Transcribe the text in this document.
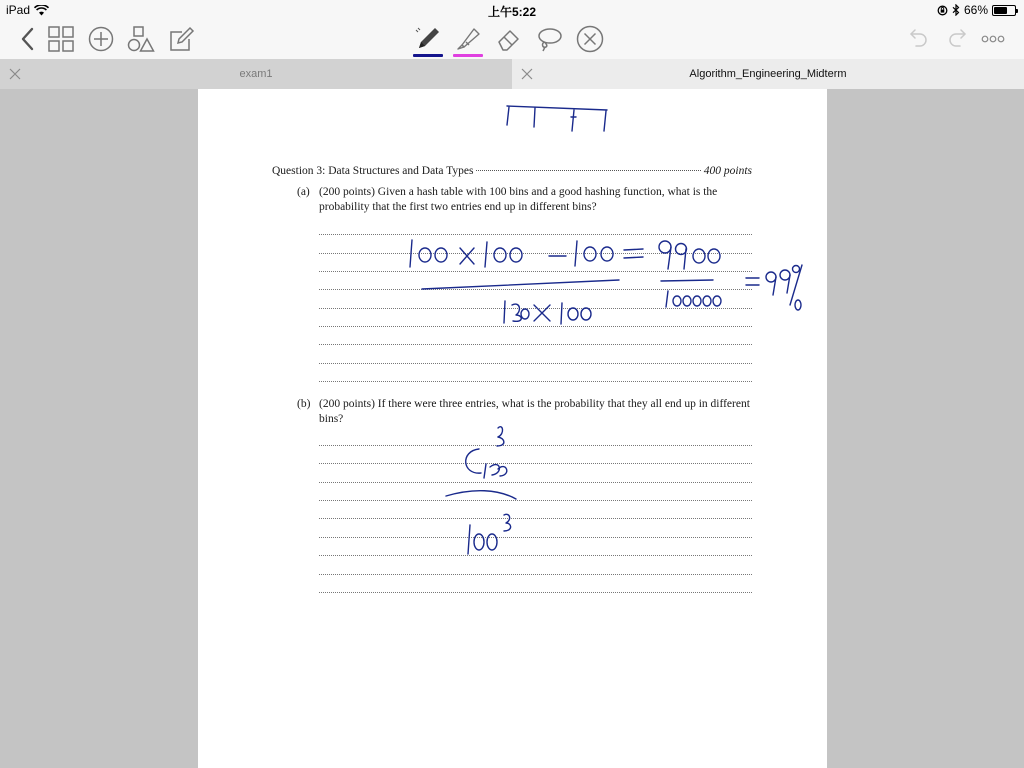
iPad	上午5:22	66%
exam1	Algorithm_Engineering_Midterm
Question 3: Data Structures and Data Types	400 points
(a) (200 points) Given a hash table with 100 bins and a good hashing function, what is the probability that the first two entries end up in different bins?
(b) (200 points) If there were three entries, what is the probability that they all end up in different bins?
